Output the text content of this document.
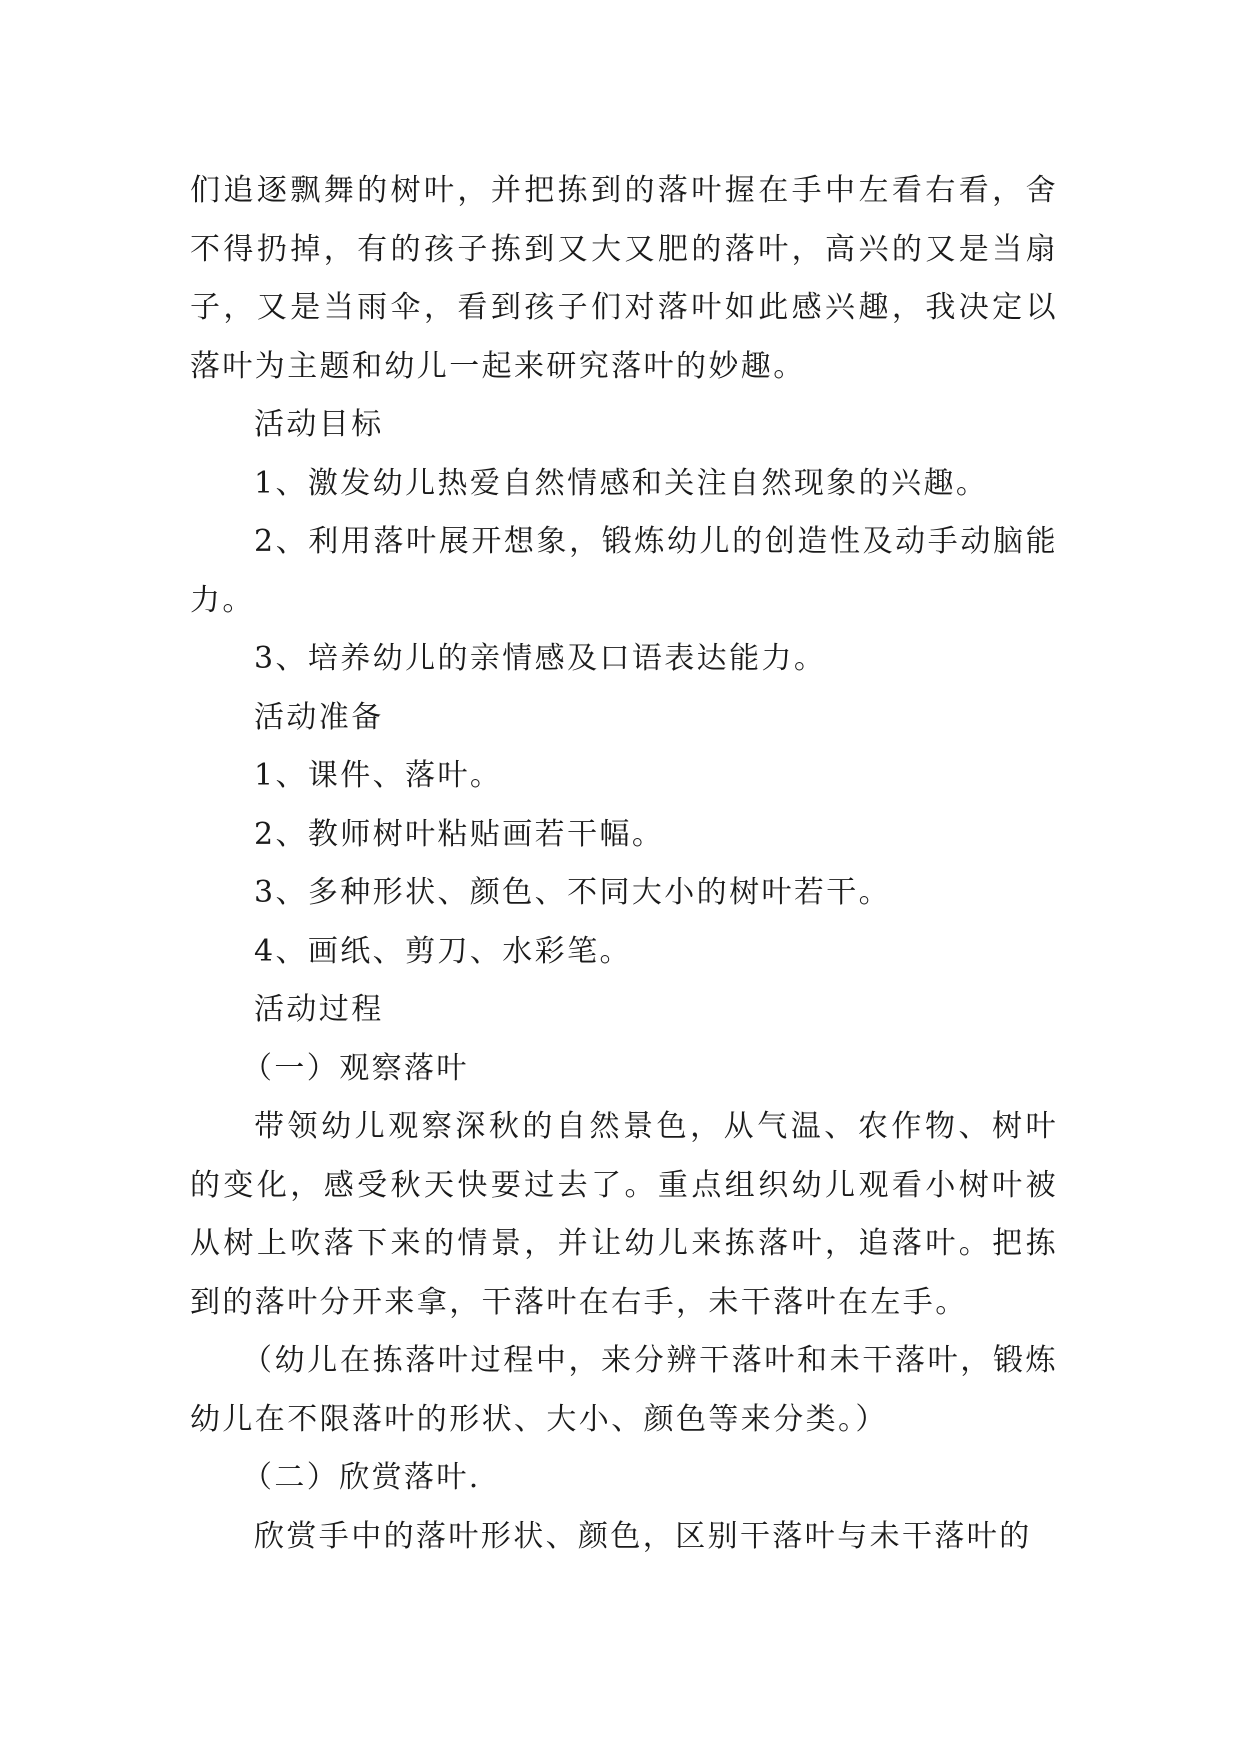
们追逐飘舞的树叶，并把拣到的落叶握在手中左看右看，舍不得扔掉，有的孩子拣到又大又肥的落叶，高兴的又是当扇子，又是当雨伞，看到孩子们对落叶如此感兴趣，我决定以落叶为主题和幼儿一起来研究落叶的妙趣。

活动目标

1、激发幼儿热爱自然情感和关注自然现象的兴趣。

2、利用落叶展开想象，锻炼幼儿的创造性及动手动脑能力。

3、培养幼儿的亲情感及口语表达能力。

活动准备

1、课件、落叶。

2、教师树叶粘贴画若干幅。

3、多种形状、颜色、不同大小的树叶若干。

4、画纸、剪刀、水彩笔。

活动过程

（一）观察落叶

带领幼儿观察深秋的自然景色，从气温、农作物、树叶的变化，感受秋天快要过去了。重点组织幼儿观看小树叶被从树上吹落下来的情景，并让幼儿来拣落叶，追落叶。把拣到的落叶分开来拿，干落叶在右手，未干落叶在左手。

（幼儿在拣落叶过程中，来分辨干落叶和未干落叶，锻炼幼儿在不限落叶的形状、大小、颜色等来分类。）

（二）欣赏落叶.

欣赏手中的落叶形状、颜色，区别干落叶与未干落叶的
